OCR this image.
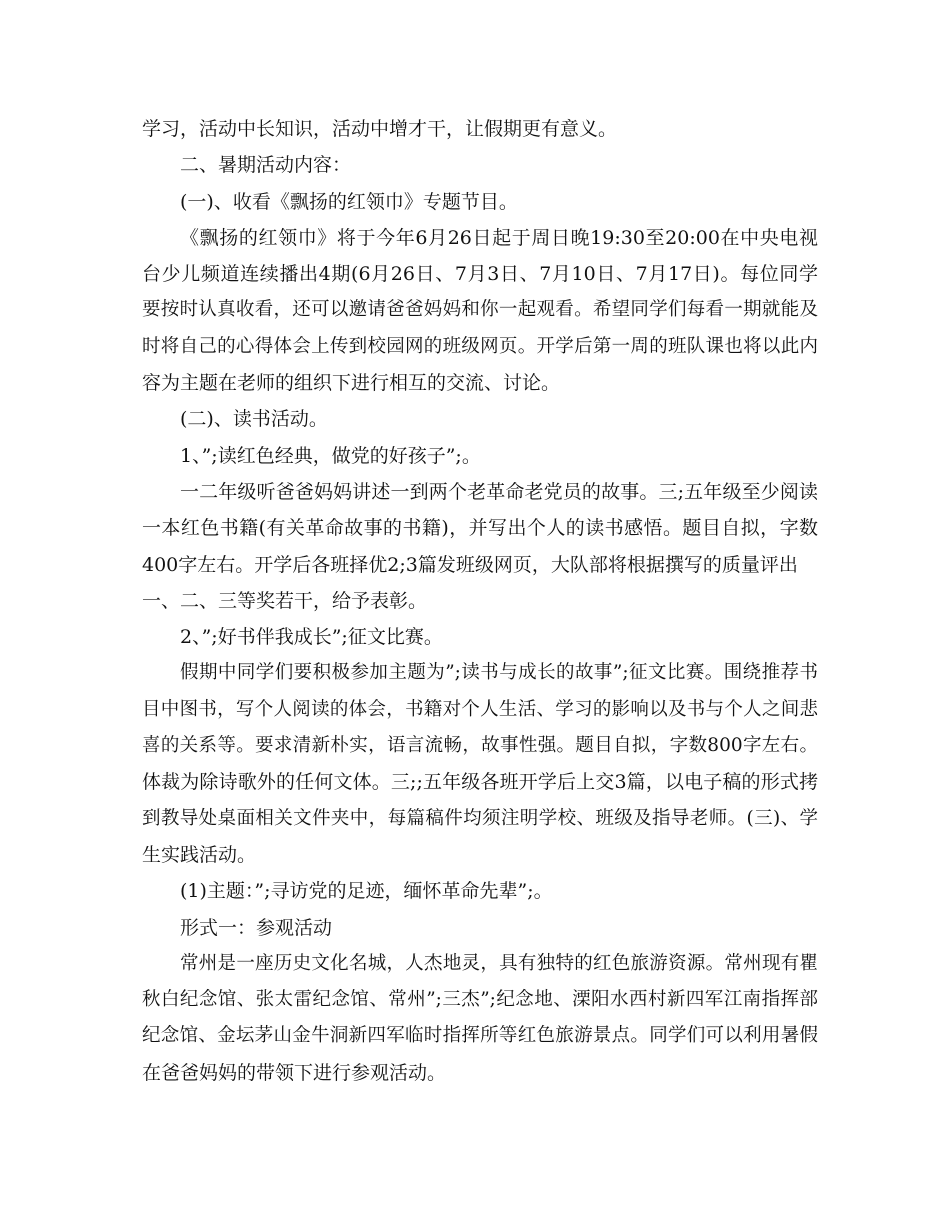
学习，活动中长知识，活动中增才干，让假期更有意义。
二、暑期活动内容：
(一)、收看《飘扬的红领巾》专题节目。
《飘扬的红领巾》将于今年6月26日起于周日晚19:30至20:00在中央电视
台少儿频道连续播出4期(6月26日、7月3日、7月10日、7月17日)。每位同学
要按时认真收看，还可以邀请爸爸妈妈和你一起观看。希望同学们每看一期就能及
时将自己的心得体会上传到校园网的班级网页。开学后第一周的班队课也将以此内
容为主题在老师的组织下进行相互的交流、讨论。
(二)、读书活动。
1、”;读红色经典，做党的好孩子”;。
一二年级听爸爸妈妈讲述一到两个老革命老党员的故事。三;五年级至少阅读
一本红色书籍(有关革命故事的书籍)，并写出个人的读书感悟。题目自拟，字数
400字左右。开学后各班择优2;3篇发班级网页，大队部将根据撰写的质量评出
一、二、三等奖若干，给予表彰。
2、”;好书伴我成长”;征文比赛。
假期中同学们要积极参加主题为”;读书与成长的故事”;征文比赛。围绕推荐书
目中图书，写个人阅读的体会，书籍对个人生活、学习的影响以及书与个人之间悲
喜的关系等。要求清新朴实，语言流畅，故事性强。题目自拟，字数800字左右。
体裁为除诗歌外的任何文体。三;;五年级各班开学后上交3篇，以电子稿的形式拷
到教导处桌面相关文件夹中，每篇稿件均须注明学校、班级及指导老师。(三)、学
生实践活动。
(1)主题：”;寻访党的足迹，缅怀革命先辈”;。
形式一：参观活动
常州是一座历史文化名城，人杰地灵，具有独特的红色旅游资源。常州现有瞿
秋白纪念馆、张太雷纪念馆、常州”;三杰”;纪念地、溧阳水西村新四军江南指挥部
纪念馆、金坛茅山金牛洞新四军临时指挥所等红色旅游景点。同学们可以利用暑假
在爸爸妈妈的带领下进行参观活动。
